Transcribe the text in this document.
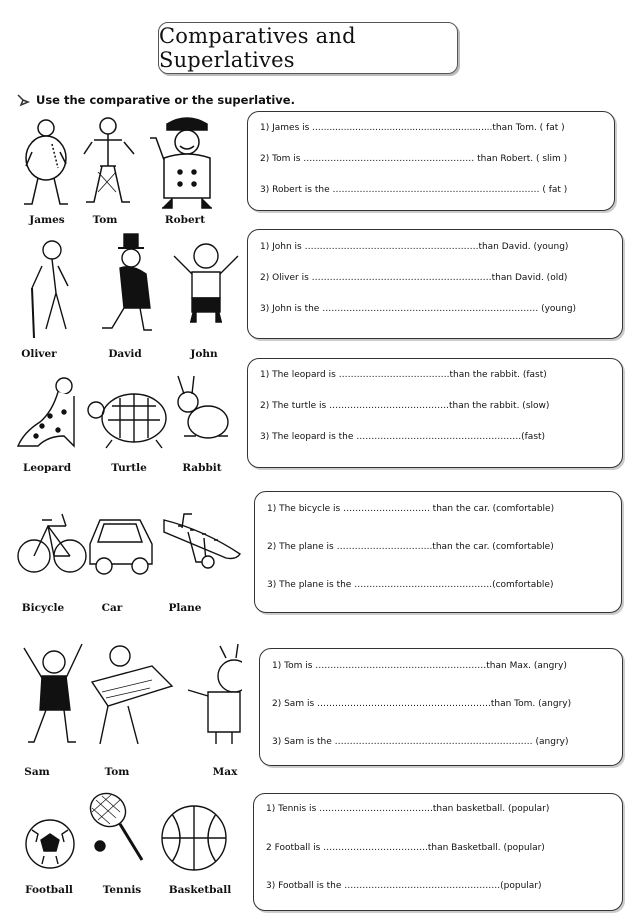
Comparatives and Superlatives
Use the comparative or the superlative.
James	Tom	Robert
1) James is ...............................................................than Tom. ( fat )
2) Tom is ………………………………………………… than Robert. ( slim )
3) Robert is the …………………………………………………………… ( fat )
Oliver	David	John
1) John is ………………………………………………….than David. (young)
2) Oliver is ……………………………………………………than David. (old)
3) John is the ……………………………………………………………… (young)
Leopard	Turtle	Rabbit
1) The leopard is ……………………………….than the rabbit. (fast)
2) The turtle is ………………………………….than the rabbit. (slow)
3) The leopard is the ……………………………………………….(fast)
Bicycle	Car	Plane
1) The bicycle is ……………………….. than the car. (comfortable)
2) The plane is …………………………..than the car. (comfortable)
3) The plane is the ……………………………………….(comfortable)
Sam	Tom	Max
1) Tom is …………………………………………………than Max. (angry)
2) Sam is ………………………………………………….than Tom. (angry)
3) Sam is the ………………………………………………………… (angry)
Football	Tennis	Basketball
1) Tennis is ………………………………..than basketball. (popular)
2 Football is ……………………………..than Basketball. (popular)
3) Football is the …………………………………………….(popular)
